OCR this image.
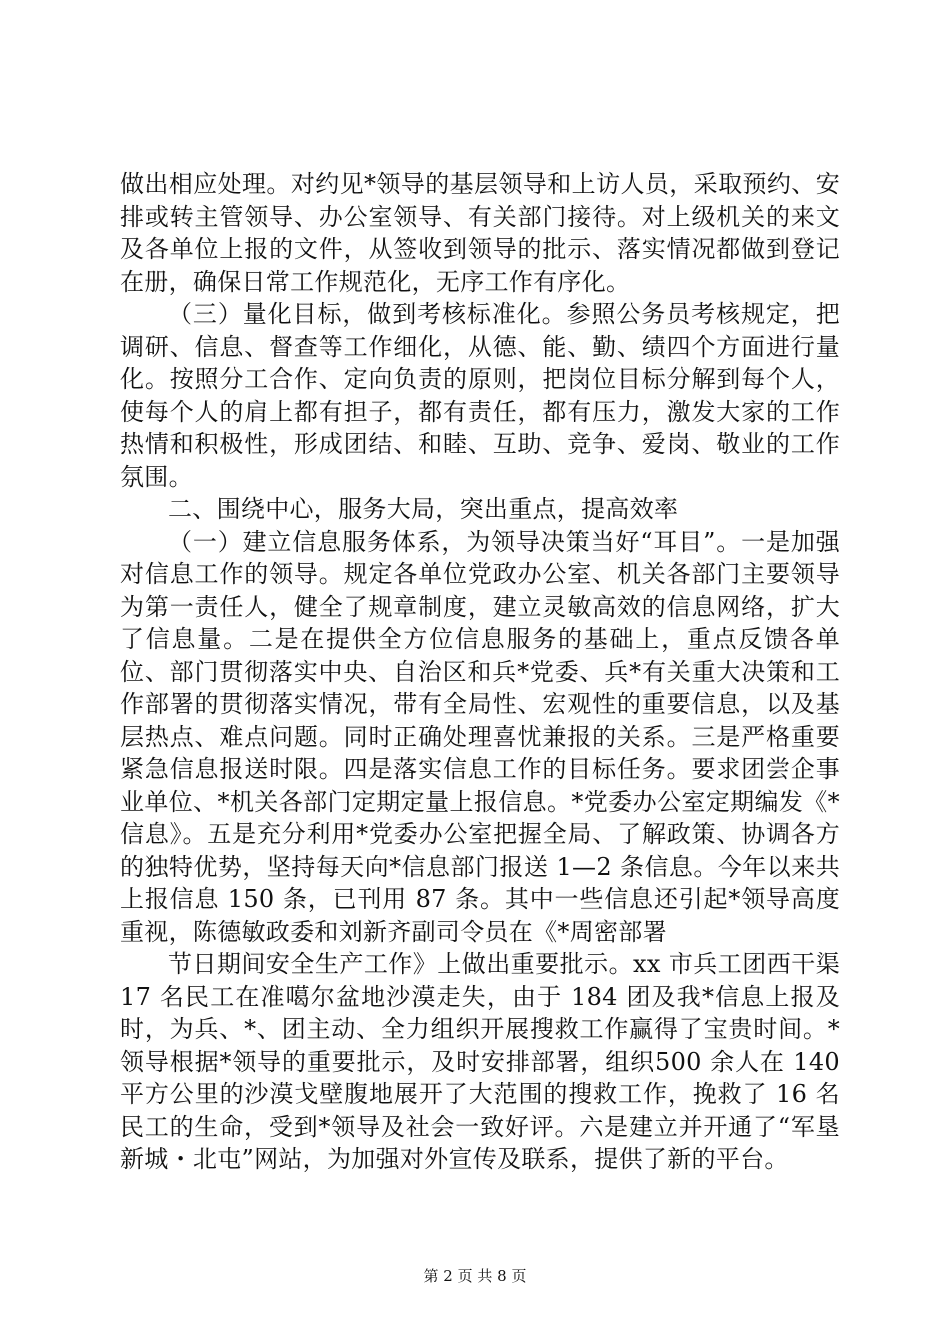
做出相应处理。对约见*领导的基层领导和上访人员，采取预约、安排或转主管领导、办公室领导、有关部门接待。对上级机关的来文及各单位上报的文件，从签收到领导的批示、落实情况都做到登记在册，确保日常工作规范化，无序工作有序化。

（三）量化目标，做到考核标准化。参照公务员考核规定，把调研、信息、督查等工作细化，从德、能、勤、绩四个方面进行量化。按照分工合作、定向负责的原则，把岗位目标分解到每个人，使每个人的肩上都有担子，都有责任，都有压力，激发大家的工作热情和积极性，形成团结、和睦、互助、竞争、爱岗、敬业的工作氛围。

二、围绕中心，服务大局，突出重点，提高效率

（一）建立信息服务体系，为领导决策当好“耳目”。一是加强对信息工作的领导。规定各单位党政办公室、机关各部门主要领导为第一责任人，健全了规章制度，建立灵敏高效的信息网络，扩大了信息量。二是在提供全方位信息服务的基础上，重点反馈各单位、部门贯彻落实中央、自治区和兵*党委、兵*有关重大决策和工作部署的贯彻落实情况，带有全局性、宏观性的重要信息，以及基层热点、难点问题。同时正确处理喜忧兼报的关系。三是严格重要紧急信息报送时限。四是落实信息工作的目标任务。要求团尝企事业单位、*机关各部门定期定量上报信息。*党委办公室定期编发《*信息》。五是充分利用*党委办公室把握全局、了解政策、协调各方的独特优势，坚持每天向*信息部门报送 1—2 条信息。今年以来共上报信息 150 条，已刊用 87 条。其中一些信息还引起*领导高度重视，陈德敏政委和刘新齐副司令员在《*周密部署

节日期间安全生产工作》上做出重要批示。xx 市兵工团西干渠 17 名民工在准噶尔盆地沙漠走失，由于 184 团及我*信息上报及时，为兵、*、团主动、全力组织开展搜救工作赢得了宝贵时间。*领导根据*领导的重要批示，及时安排部署，组织500 余人在 140 平方公里的沙漠戈壁腹地展开了大范围的搜救工作，挽救了 16 名民工的生命，受到*领导及社会一致好评。六是建立并开通了“军垦新城・北屯”网站，为加强对外宣传及联系，提供了新的平台。

第 2 页 共 8 页
